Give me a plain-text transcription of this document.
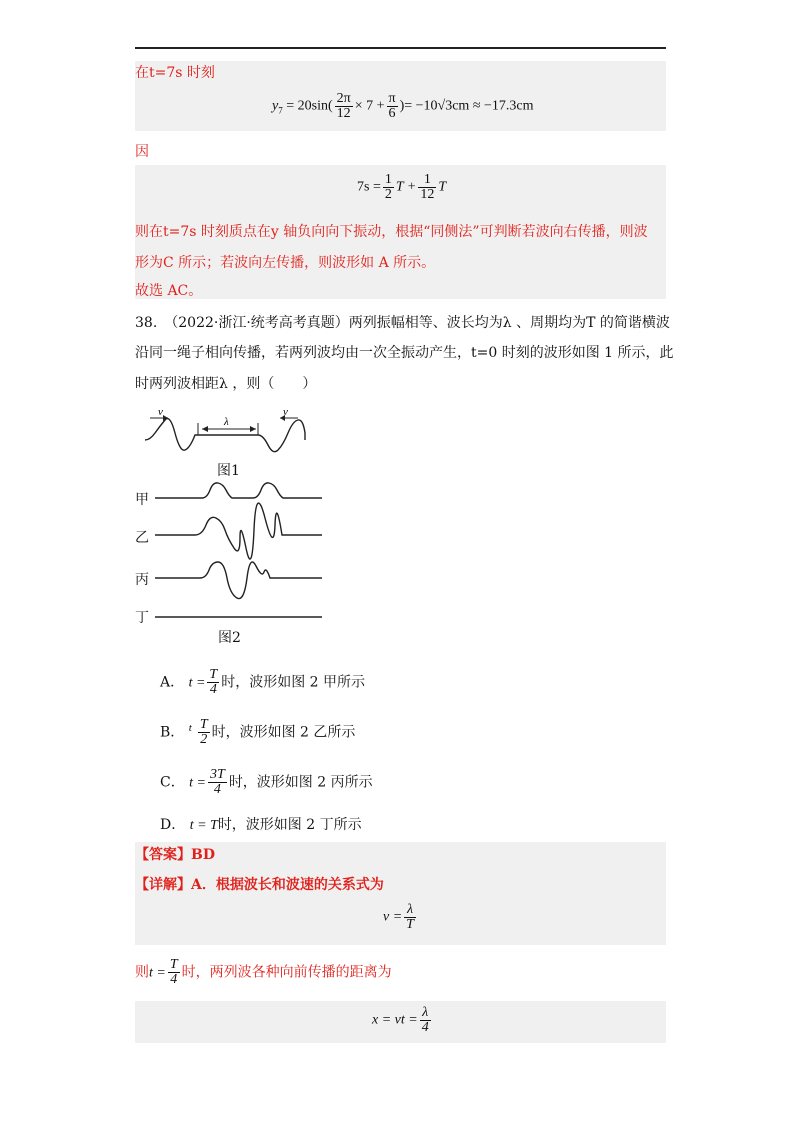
在t=7s 时刻
$y_7 = 20\sin( \frac{2\pi}{12} \times 7 + \frac{\pi}{6}$ )= −10√3cm ≈ −17.3cm
因
$7s = \frac{1}{2}$ $T + \frac{1}{12}$ T
则在t=7s 时刻质点在y 轴负向向下振动，根据“同侧法”可判断若波向右传播，则波
形为C 所示；若波向左传播，则波形如 A 所示。
故选 AC。
38.　（2022·浙江·统考高考真题）两列振幅相等、波长均为λ 、周期均为T 的简谐横波
沿同一绳子相向传播，若两列波均由一次全振动产生，t=0 时刻的波形如图 1 所示，此
时两列波相距λ ，则（　　）
v	v
λ
图1
甲
乙
丙
丁
图2
A． $t = \frac{T}{4}$ 时，波形如图 2 甲所示
B． $^t \frac{T}{2}$ 时，波形如图 2 乙所示
C． $t = \frac{3T}{4}$ 时，波形如图 2 丙所示
D． t = T时，波形如图 2 丁所示
【答案】BD
【详解】A．根据波长和波速的关系式为
$v = \frac{\lambda}{T}$
则$t = \frac{T}{4}$ 时，两列波各种向前传播的距离为
x = vt = $\frac{\lambda}{4}$
